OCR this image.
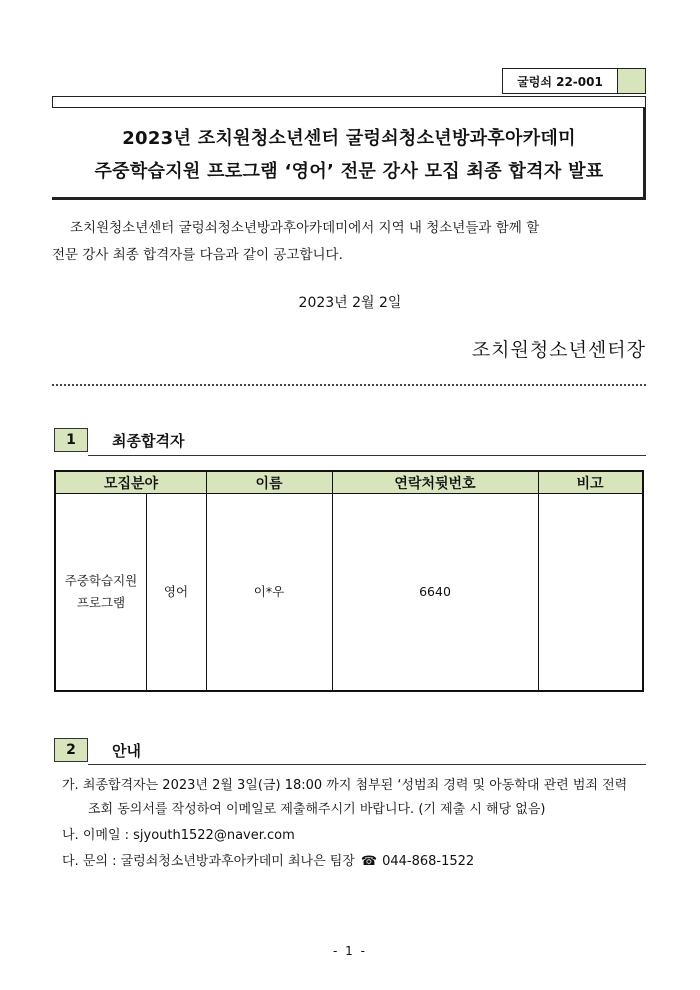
굴렁쇠 22-001
2023년 조치원청소년센터 굴렁쇠청소년방과후아카데미
주중학습지원 프로그램 ‘영어’ 전문 강사 모집 최종 합격자 발표
조치원청소년센터 굴렁쇠청소년방과후아카데미에서 지역 내 청소년들과 함께 할
전문 강사 최종 합격자를 다음과 같이 공고합니다.
2023년 2월 2일
조치원청소년센터장
1	최종합격자
모집분야	이름	연락처뒷번호	비고
주중학습지원
프로그램
영어	이*우	6640
2	안내
가. 최종합격자는 2023년 2월 3일(금) 18:00 까지 첨부된 ‘성범죄 경력 및 아동학대 관련 범죄 전력
조회 동의서를 작성하여 이메일로 제출해주시기 바랍니다. (기 제출 시 해당 없음)
나. 이메일 : sjyouth1522@naver.com
다. 문의 : 굴렁쇠청소년방과후아카데미 최나은 팀장 ☎ 044-868-1522
- 1 -
